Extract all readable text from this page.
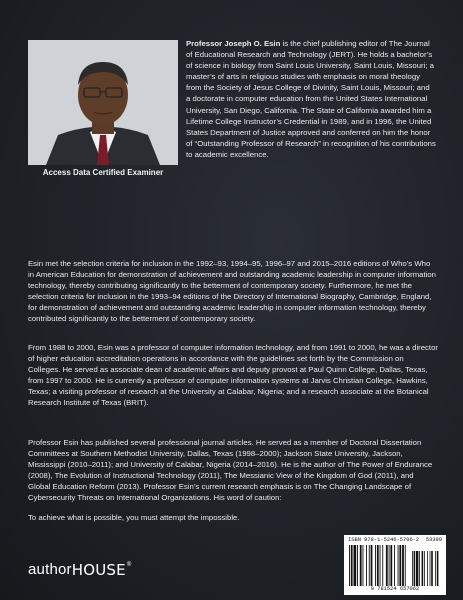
Access Data Certified Examiner

Professor Joseph O. Esin is the chief publishing editor of The Journal of Educational Research and Technology (JERT). He holds a bachelor’s of science in biology from Saint Louis University, Saint Louis, Missouri; a master’s of arts in religious studies with emphasis on moral theology from the Society of Jesus College of Divinity, Saint Louis, Missouri; and a doctorate in computer education from the United States International University, San Diego, California. The State of California awarded him a Lifetime College Instructor’s Credential in 1989, and in 1996, the United States Department of Justice approved and conferred on him the honor of “Outstanding Professor of Research” in recognition of his contributions to academic excellence.

Esin met the selection criteria for inclusion in the 1992–93, 1994–95, 1996–97 and 2015–2016 editions of Who’s Who in American Education for demonstration of achievement and outstanding academic leadership in computer information technology, thereby contributing significantly to the betterment of contemporary society. Furthermore, he met the selection criteria for inclusion in the 1993–94 editions of the Directory of International Biography, Cambridge, England, for demonstration of achievement and outstanding academic leadership in computer information technology, thereby contributed significantly to the betterment of contemporary society.

From 1988 to 2000, Esin was a professor of computer information technology, and from 1991 to 2000, he was a director of higher education accreditation operations in accordance with the guidelines set forth by the Commission on Colleges. He served as associate dean of academic affairs and deputy provost at Paul Quinn College, Dallas, Texas, from 1997 to 2000. He is currently a professor of computer information systems at Jarvis Christian College, Hawkins, Texas; a visiting professor of research at the University at Calabar, Nigeria; and a research associate at the Botanical Research Institute of Texas (BRIT).

Professor Esin has published several professional journal articles. He served as a member of Doctoral Dissertation Committees at Southern Methodist University, Dallas, Texas (1998–2000); Jackson State University, Jackson, Mississippi (2010–2011); and University of Calabar, Nigeria (2014–2016). He is the author of The Power of Endurance (2008), The Evolution of Instructional Technology (2011), The Messianic View of the Kingdom of God (2011), and Global Education Reform (2013). Professor Esin’s current research emphasis is on The Changing Landscape of Cybersecurity Threats on International Organizations. His word of caution:

To achieve what is possible, you must attempt the impossible.

author HOUSE ®
ISBN 978-1-5246-5706-2	53399
9 781524 657062
